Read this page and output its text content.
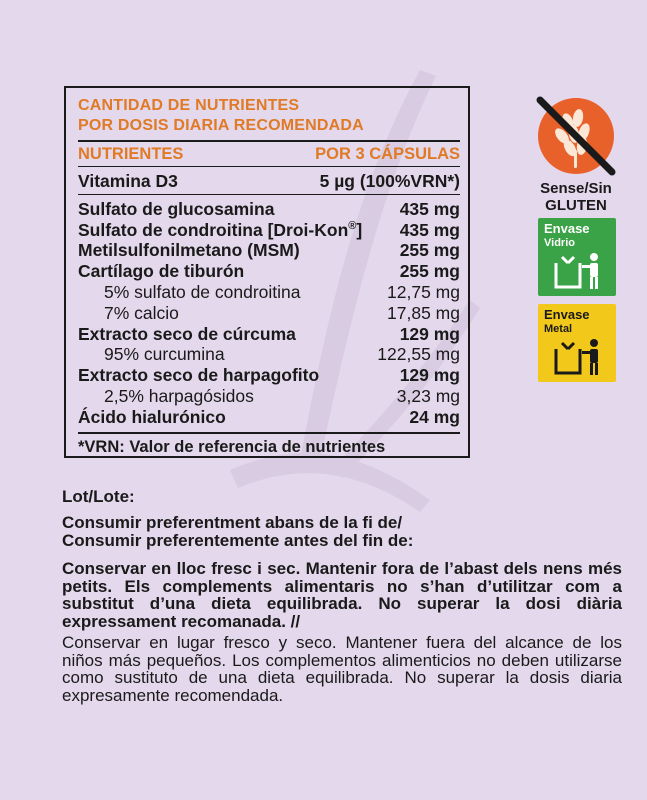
CANTIDAD DE NUTRIENTES
POR DOSIS DIARIA RECOMENDADA
NUTRIENTES	POR 3 CÁPSULAS
Vitamina D3	5 µg (100%VRN*)
Sulfato de glucosamina	435 mg
Sulfato de condroitina [Droi-Kon®] 435 mg
Metilsulfonilmetano (MSM)	255 mg
Cartílago de tiburón	255 mg
5% sulfato de condroitina	12,75 mg
7% calcio	17,85 mg
Extracto seco de cúrcuma	129 mg
95% curcumina	122,55 mg
Extracto seco de harpagofito	129 mg
2,5% harpagósidos	3,23 mg
Ácido hialurónico	24 mg
*VRN: Valor de referencia de nutrientes
Sense/Sin
GLUTEN
Envase
Vidrio
Envase
Metal
Lot/Lote:
Consumir preferentment abans de la fi de/
Consumir preferentemente antes del fin de:
Conservar en lloc fresc i sec. Mantenir fora de l’abast dels nens més petits. Els complements alimentaris no s’han d’utilitzar com a substitut d’una dieta equilibrada. No superar la dosi diària expressament recomanada. //
Conservar en lugar fresco y seco. Mantener fuera del alcance de los niños más pequeños. Los complementos alimenticios no deben utilizarse como sustituto de una dieta equilibrada. No superar la dosis diaria expresamente recomendada.
